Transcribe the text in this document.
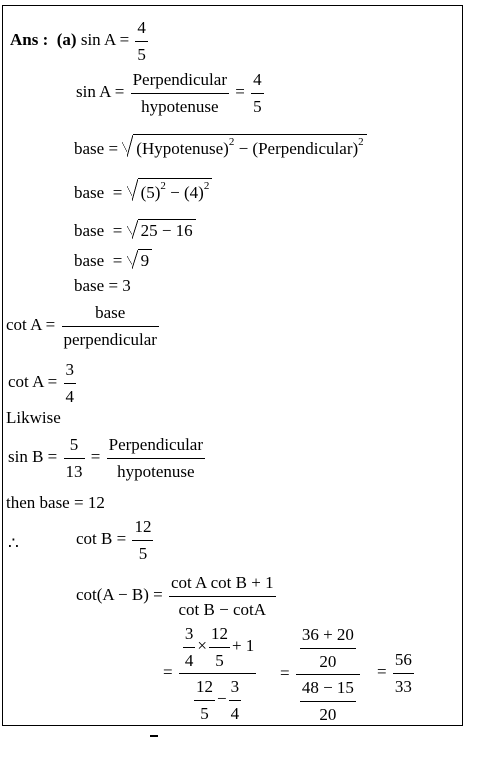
Ans : (a) $\sin A = \frac{4}{5}$
sin A =
Perpendicular
hypotenuse
= $\frac{4}{5}$
base = (Hypotenuse)$^2$ − (Perpendicular)$^2$
base = $(5)^2 - (4)^2$
base = 25 − 16
base = 9
base = 3
cot A =
base
perpendicular
$\cot A = \frac{3}{4}$
Likwise
$\sin B = \frac{5}{13}$ =
Perpendicular
hypotenuse
then base = 12
∴	$\cot B = \frac{12}{5}$
$\cot(A - B) = \frac{\text{cot A cot B + 1}}{\text{cot B − cotA}}$
= $\frac{\frac{3}{4} \times \frac{12}{5} + 1}{\frac{12}{5} - \frac{3}{4}} = \frac{\frac{36 + 20}{20}}{\frac{48 - 15}{20}} = \frac{56}{33}$
